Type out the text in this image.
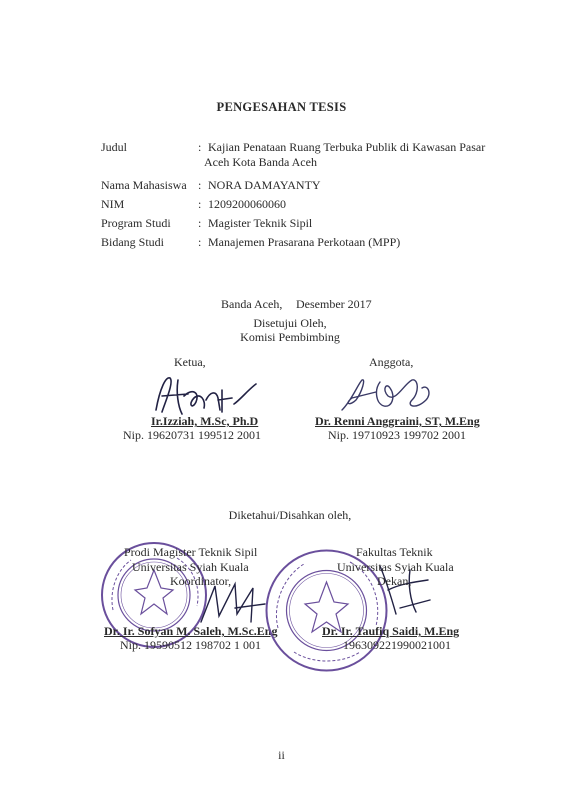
PENGESAHAN TESIS
Judul	: Kajian Penataan Ruang Terbuka Publik di Kawasan Pasar
Aceh Kota Banda Aceh
Nama Mahasiswa : NORA DAMAYANTY
NIM	: 1209200060060
Program Studi : Magister Teknik Sipil
Bidang Studi	: Manajemen Prasarana Perkotaan (MPP)
Banda Aceh, Desember 2017
Disetujui Oleh,
Komisi Pembimbing
Ketua,
Ir.Izziah, M.Sc, Ph.D
Nip. 19620731 199512 2001
Anggota,
Dr. Renni Anggraini, ST, M.Eng
Nip. 19710923 199702 2001
Diketahui/Disahkan oleh,
Prodi Magister Teknik Sipil
Universitas Syiah Kuala
Koordinator,
Dr. Ir. Sofyan M. Saleh, M.Sc.Eng
Nip. 19590512 198702 1 001
Fakultas Teknik
Universitas Syiah Kuala
Dekan,
Dr. Ir. Taufiq Saidi, M.Eng
196309221990021001
ii
